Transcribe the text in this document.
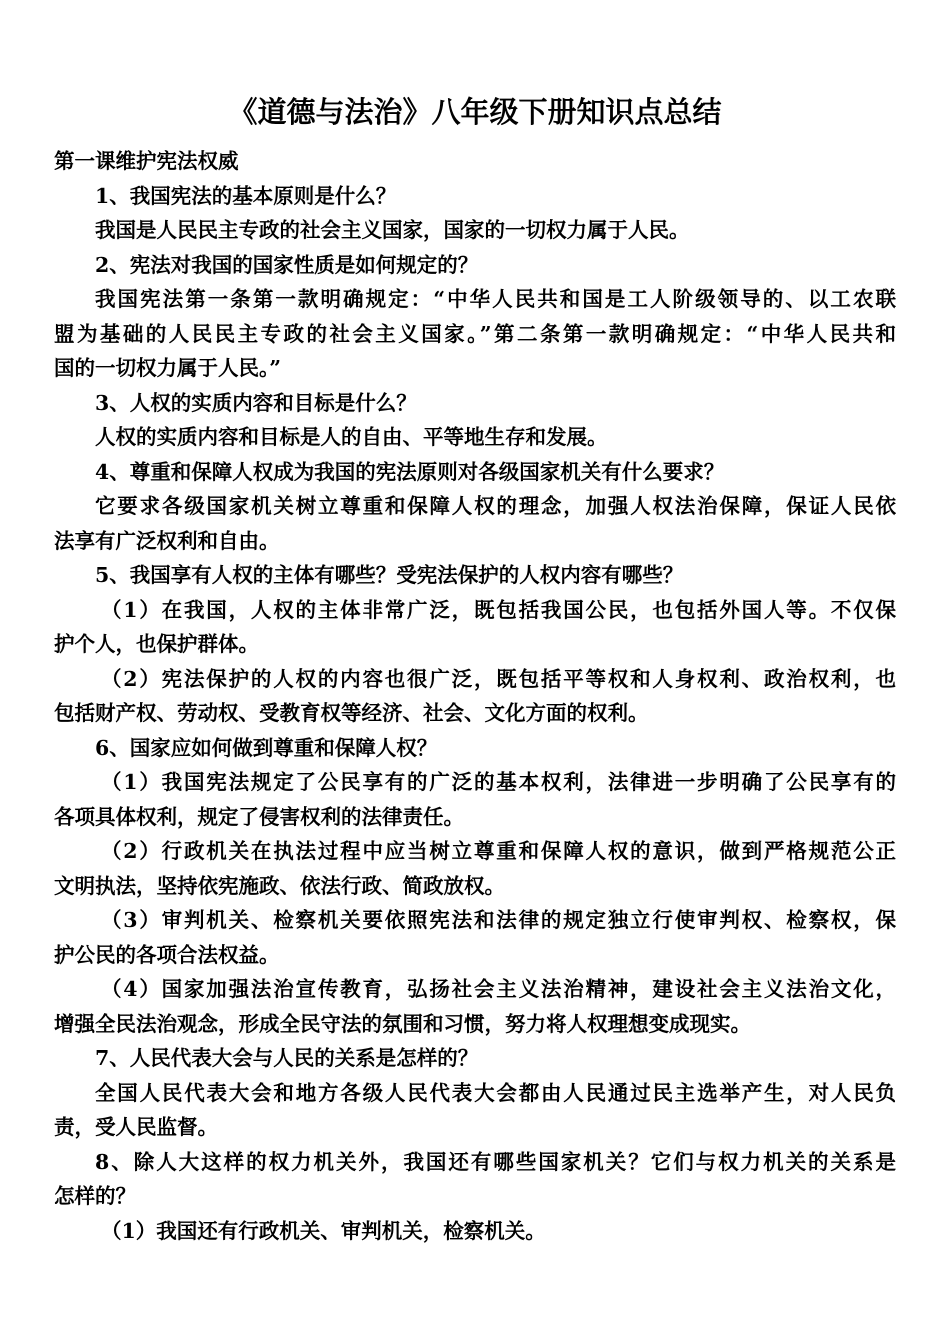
《道德与法治》八年级下册知识点总结
第一课维护宪法权威
1、我国宪法的基本原则是什么？
我国是人民民主专政的社会主义国家，国家的一切权力属于人民。
2、宪法对我国的国家性质是如何规定的？
我国宪法第一条第一款明确规定：“中华人民共和国是工人阶级领导的、以工农联
盟为基础的人民民主专政的社会主义国家。”第二条第一款明确规定：“中华人民共和
国的一切权力属于人民。”
3、人权的实质内容和目标是什么？
人权的实质内容和目标是人的自由、平等地生存和发展。
4、尊重和保障人权成为我国的宪法原则对各级国家机关有什么要求？
它要求各级国家机关树立尊重和保障人权的理念，加强人权法治保障，保证人民依
法享有广泛权利和自由。
5、我国享有人权的主体有哪些？受宪法保护的人权内容有哪些？
（1）在我国，人权的主体非常广泛，既包括我国公民，也包括外国人等。不仅保
护个人，也保护群体。
（2）宪法保护的人权的内容也很广泛，既包括平等权和人身权利、政治权利，也
包括财产权、劳动权、受教育权等经济、社会、文化方面的权利。
6、国家应如何做到尊重和保障人权？
（1）我国宪法规定了公民享有的广泛的基本权利，法律进一步明确了公民享有的
各项具体权利，规定了侵害权利的法律责任。
（2）行政机关在执法过程中应当树立尊重和保障人权的意识，做到严格规范公正
文明执法，坚持依宪施政、依法行政、简政放权。
（3）审判机关、检察机关要依照宪法和法律的规定独立行使审判权、检察权，保
护公民的各项合法权益。
（4）国家加强法治宣传教育，弘扬社会主义法治精神，建设社会主义法治文化，
增强全民法治观念，形成全民守法的氛围和习惯，努力将人权理想变成现实。
7、人民代表大会与人民的关系是怎样的？
全国人民代表大会和地方各级人民代表大会都由人民通过民主选举产生，对人民负
责，受人民监督。
8、除人大这样的权力机关外，我国还有哪些国家机关？它们与权力机关的关系是
怎样的？
（1）我国还有行政机关、审判机关，检察机关。
